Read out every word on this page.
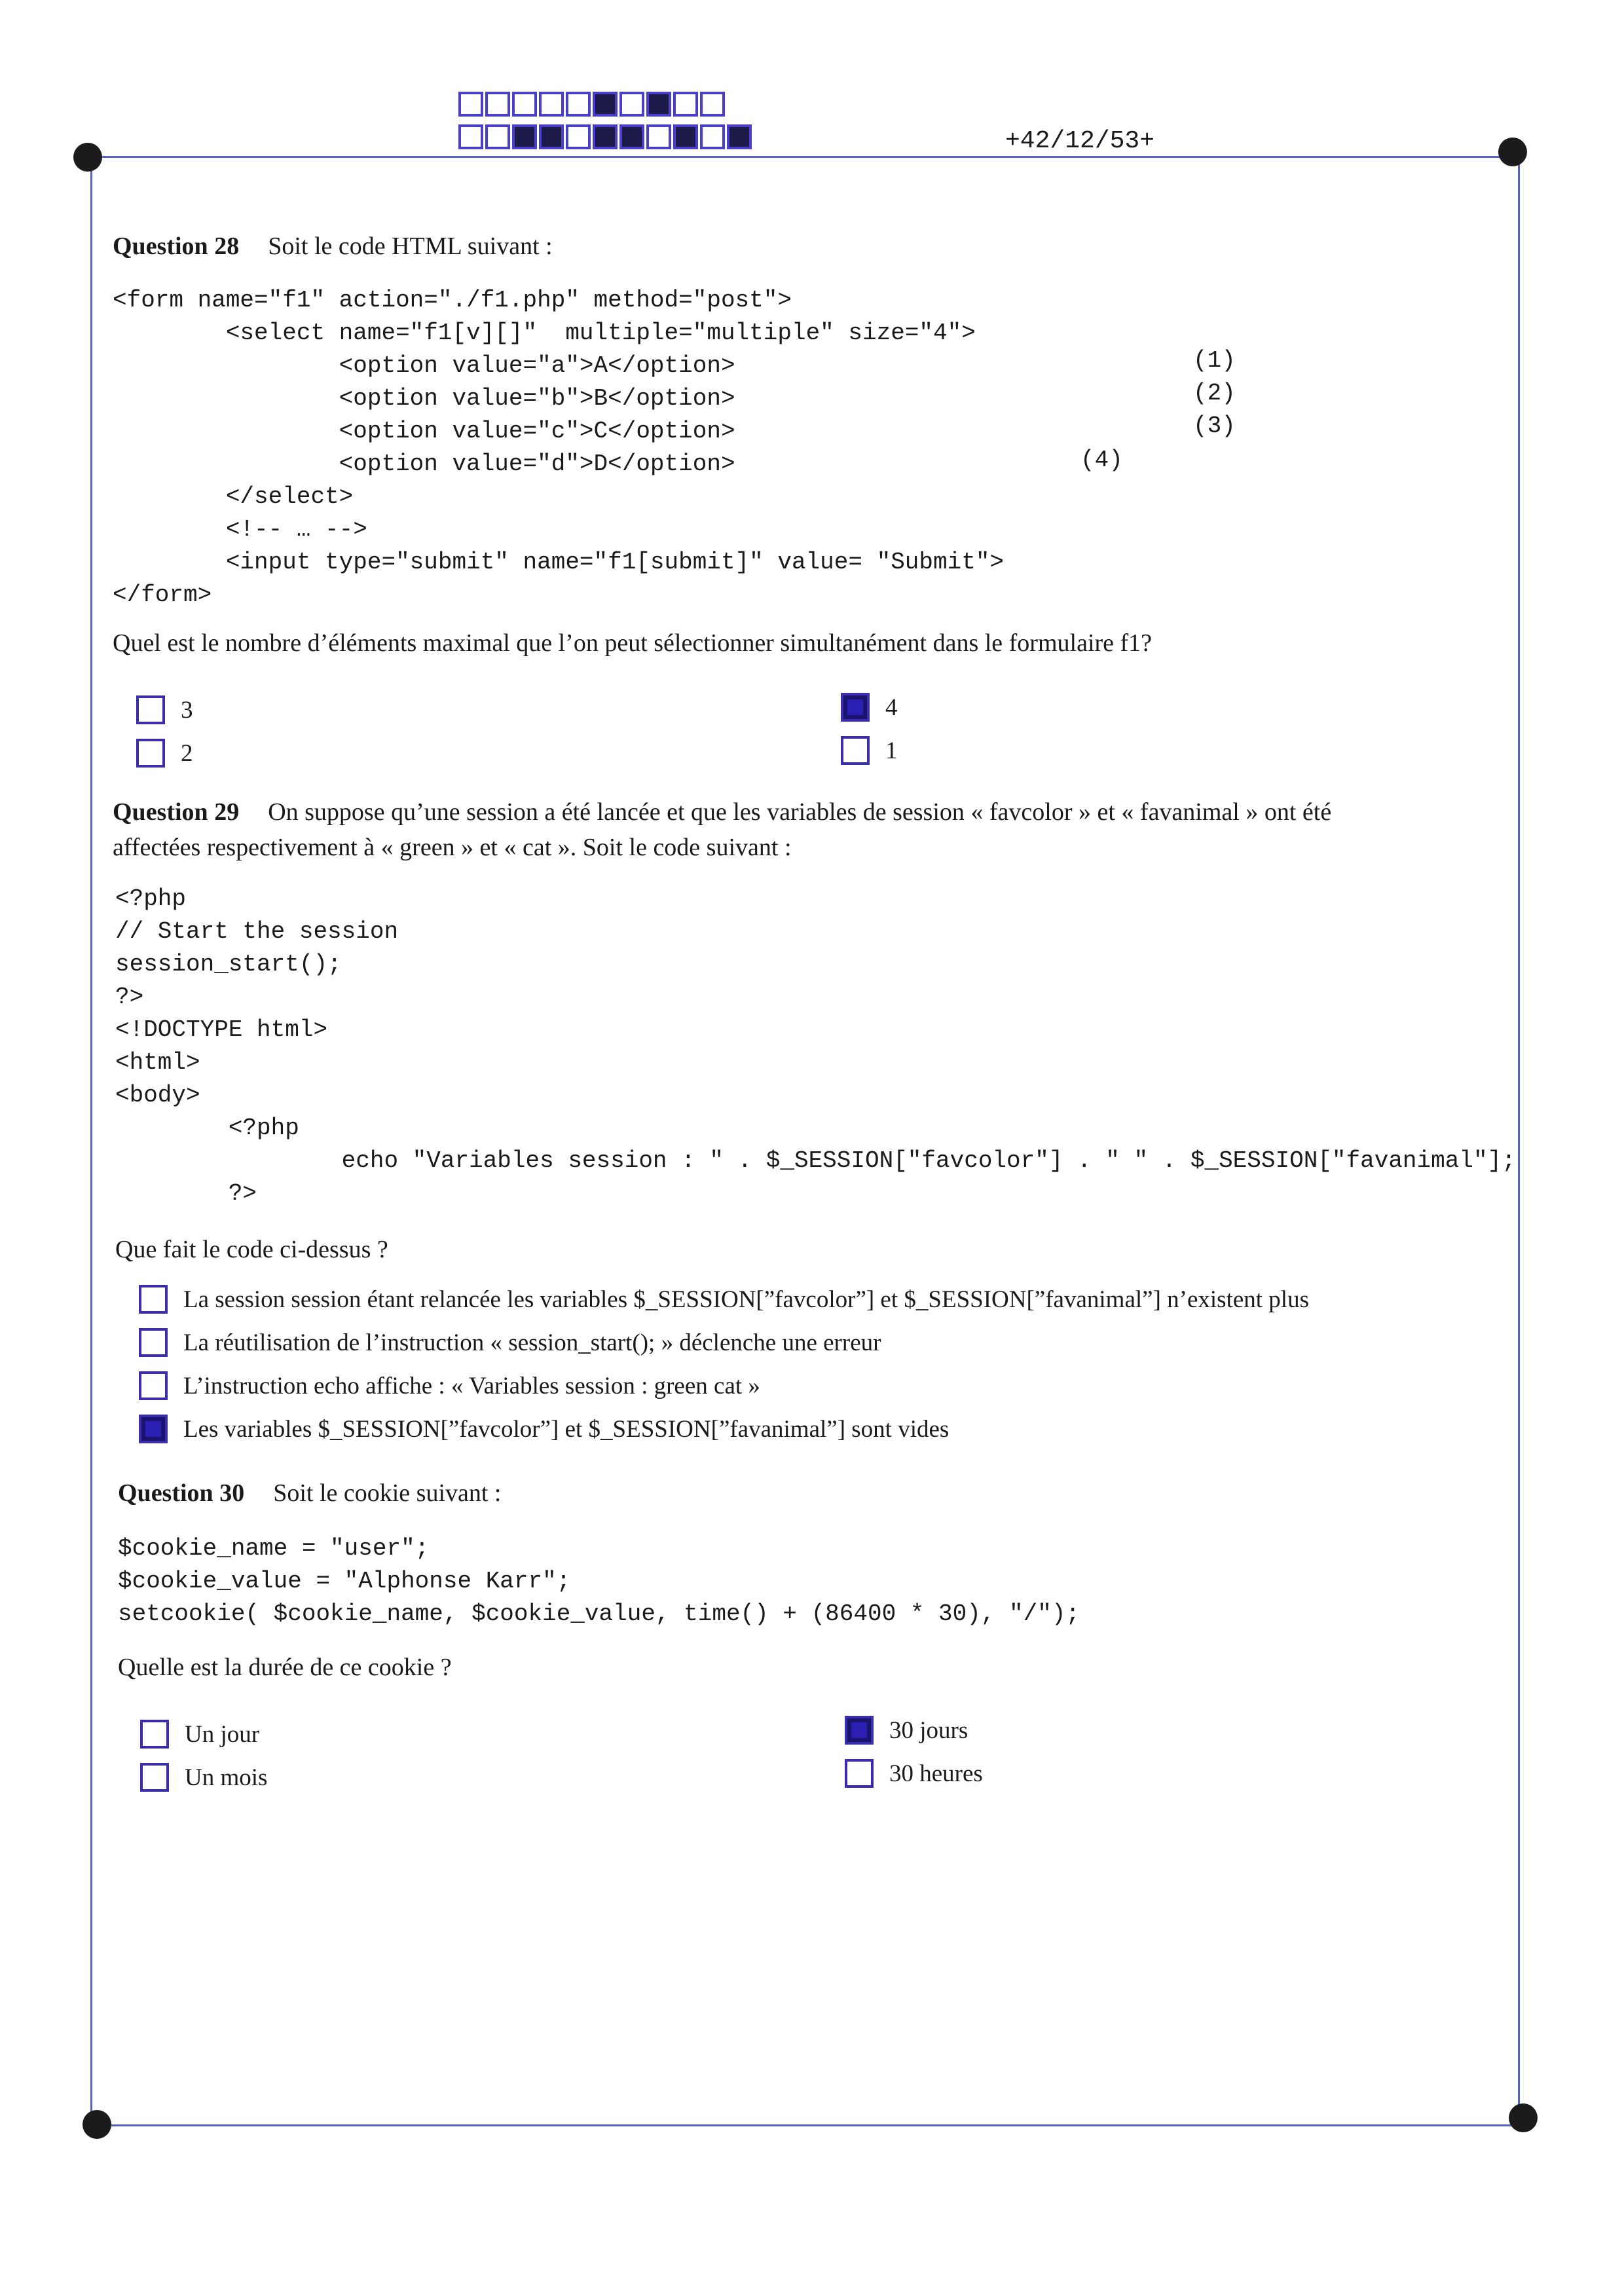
+42/12/53+
Question 28 Soit le code HTML suivant :
<form name="f1" action="./f1.php" method="post">
<select name="f1[v][]"  multiple="multiple" size="4">
<option value="a">A</option>
<option value="b">B</option>
<option value="c">C</option>
<option value="d">D</option>
</select>
<!-- … -->
<input type="submit" name="f1[submit]" value= "Submit">
</form>
(1)
(2)
(3)
(4)
Quel est le nombre d’éléments maximal que l’on peut sélectionner simultanément dans le formulaire f1?
3
2
4
1
Question 29 On suppose qu’une session a été lancée et que les variables de session « favcolor » et « favanimal » ont été
affectées respectivement à « green » et « cat ». Soit le code suivant :
<?php
// Start the session
session_start();
?>
<!DOCTYPE html>
<html>
<body>
<?php
echo "Variables session : " . $_SESSION["favcolor"] . " " . $_SESSION["favanimal"];
?>
Que fait le code ci-dessus ?
La session session étant relancée les variables $_SESSION[”favcolor”] et $_SESSION[”favanimal”] n’existent plus
La réutilisation de l’instruction « session_start(); » déclenche une erreur
L’instruction echo affiche : « Variables session : green cat »
Les variables $_SESSION[”favcolor”] et $_SESSION[”favanimal”] sont vides
Question 30 Soit le cookie suivant :
$cookie_name = "user";
$cookie_value = "Alphonse Karr";
setcookie( $cookie_name, $cookie_value, time() + (86400 * 30), "/");
Quelle est la durée de ce cookie ?
Un jour
Un mois
30 jours
30 heures
